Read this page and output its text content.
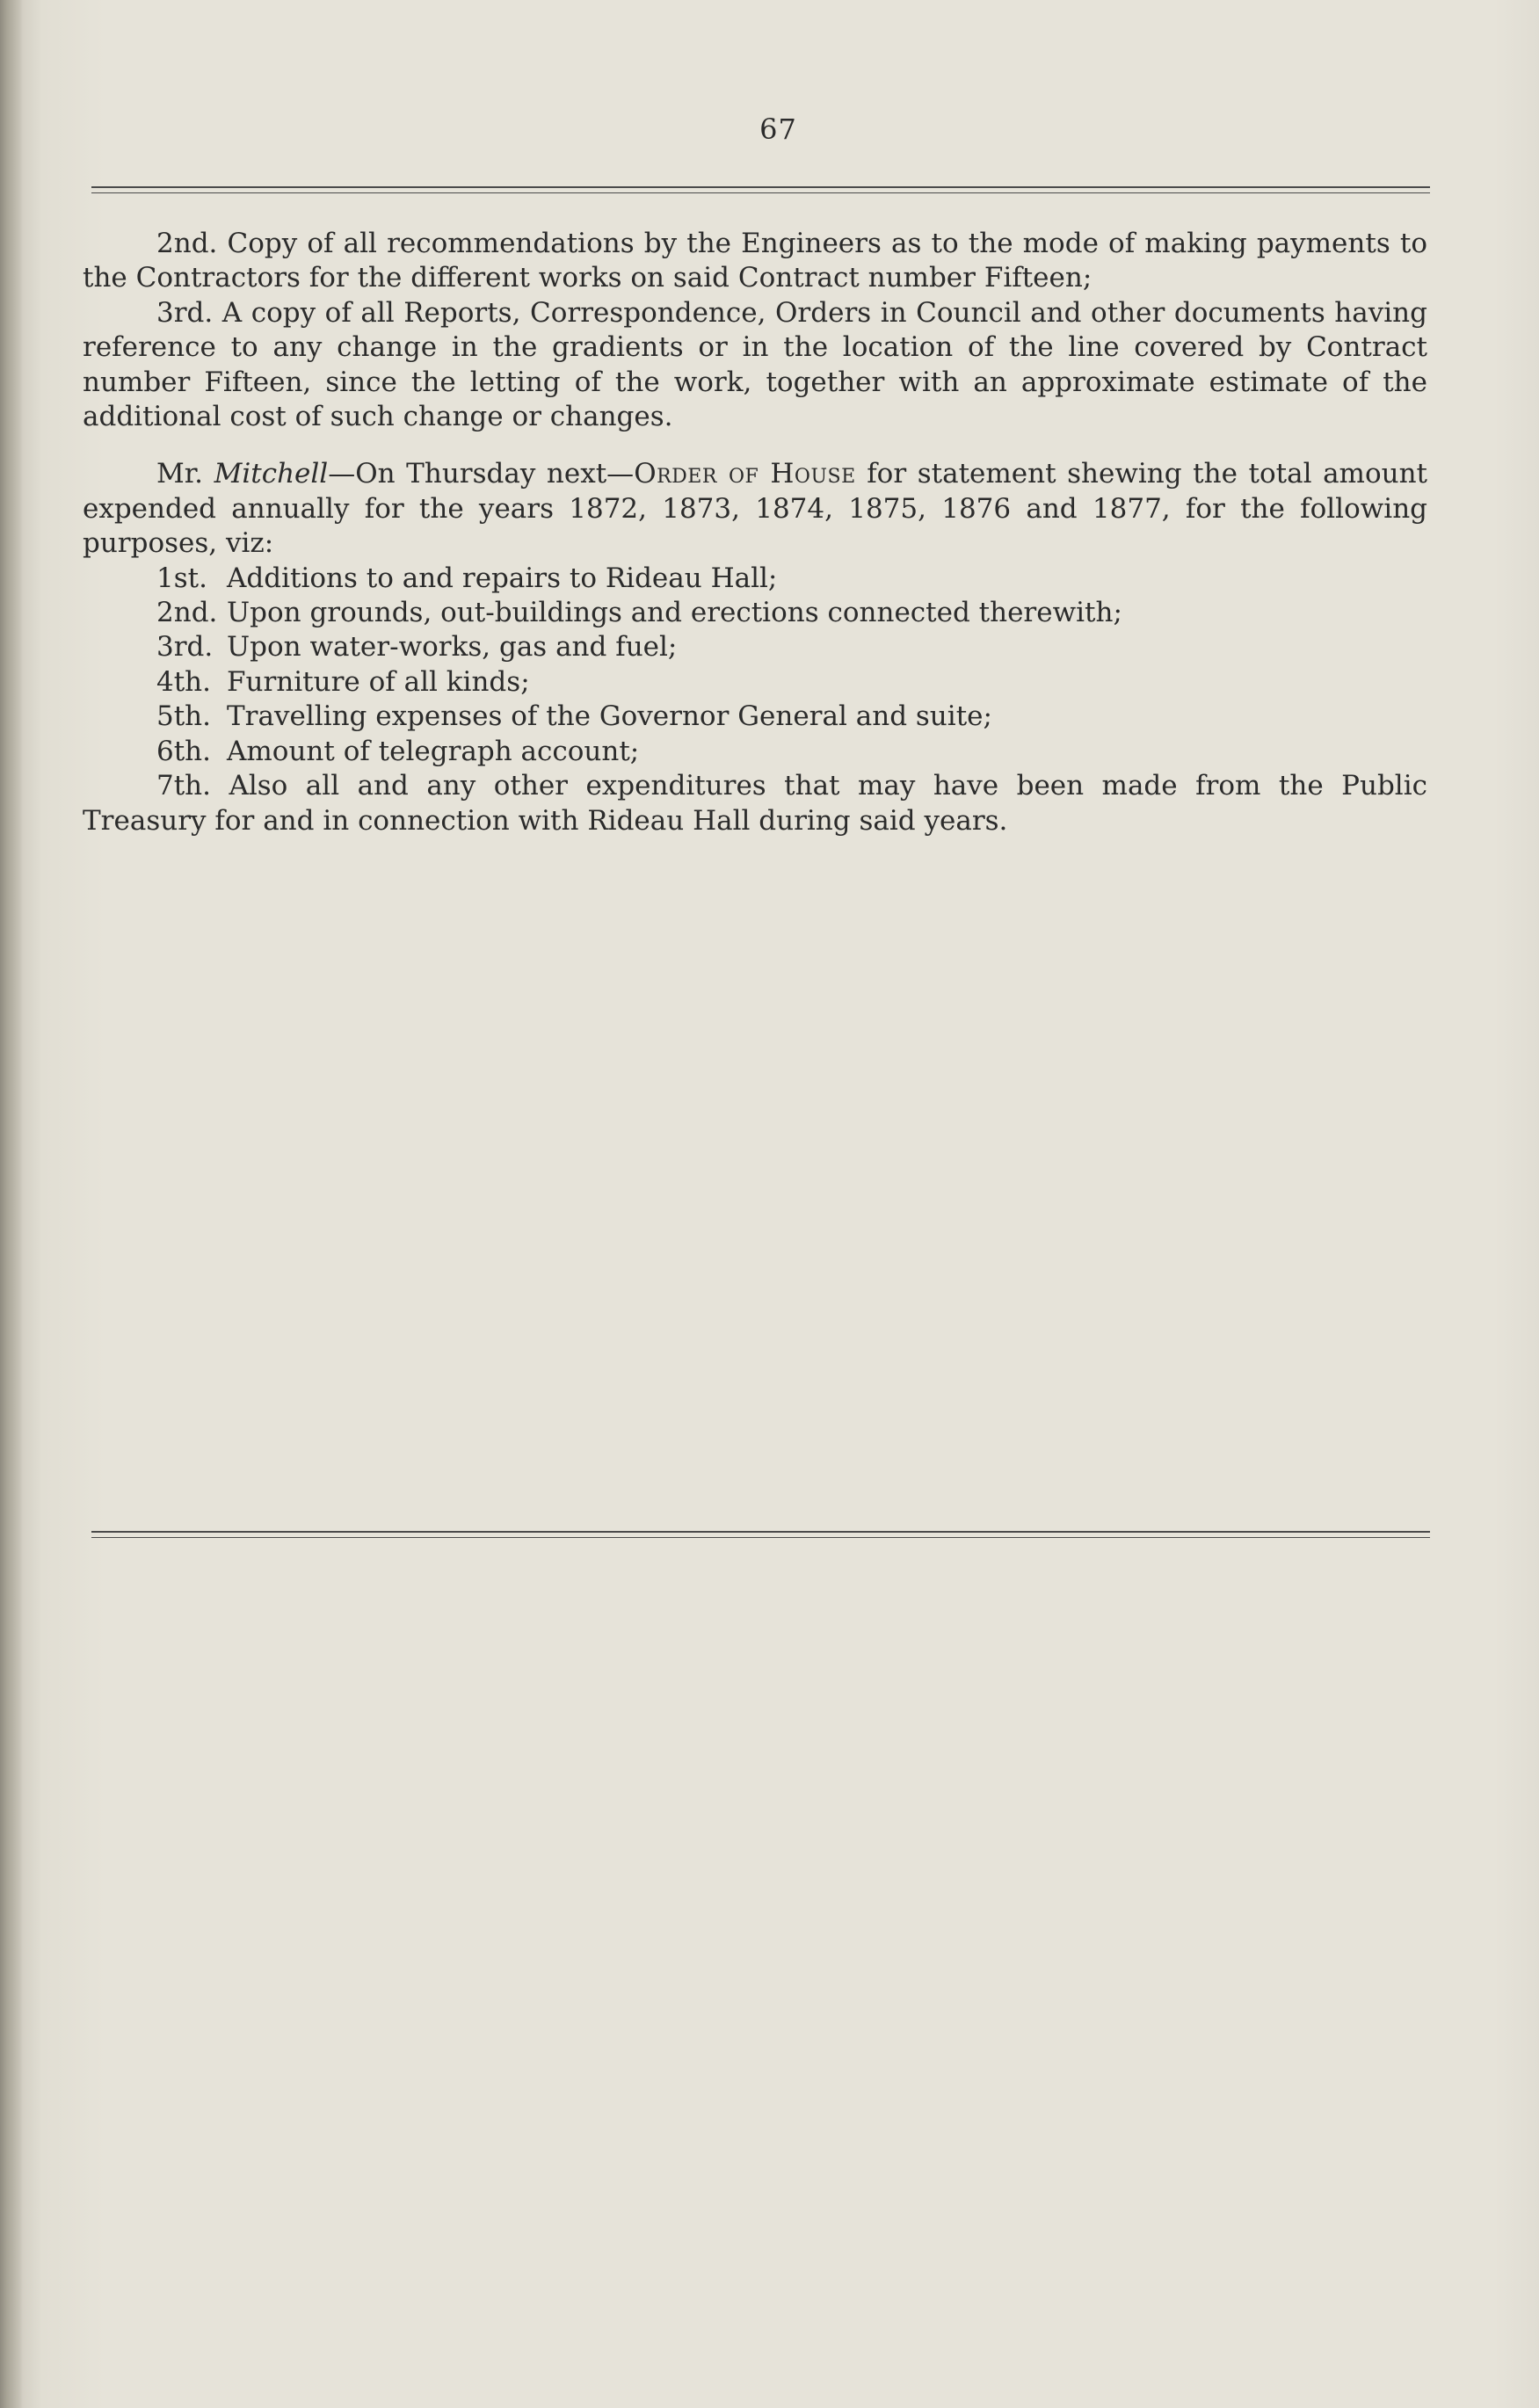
67

2nd. Copy of all recommendations by the Engineers as to the mode of making payments to the Contractors for the different works on said Contract number Fifteen;

3rd. A copy of all Reports, Correspondence, Orders in Council and other documents having reference to any change in the gradients or in the location of the line covered by Contract number Fifteen, since the letting of the work, together with an approximate estimate of the additional cost of such change or changes.

Mr. Mitchell—On Thursday next—Order of House for statement shewing the total amount expended annually for the years 1872, 1873, 1874, 1875, 1876 and 1877, for the following purposes, viz:

1st. Additions to and repairs to Rideau Hall;
2nd. Upon grounds, out-buildings and erections connected therewith;
3rd. Upon water-works, gas and fuel;
4th. Furniture of all kinds;
5th. Travelling expenses of the Governor General and suite;
6th. Amount of telegraph account;

7th. Also all and any other expenditures that may have been made from the Public Treasury for and in connection with Rideau Hall during said years.
